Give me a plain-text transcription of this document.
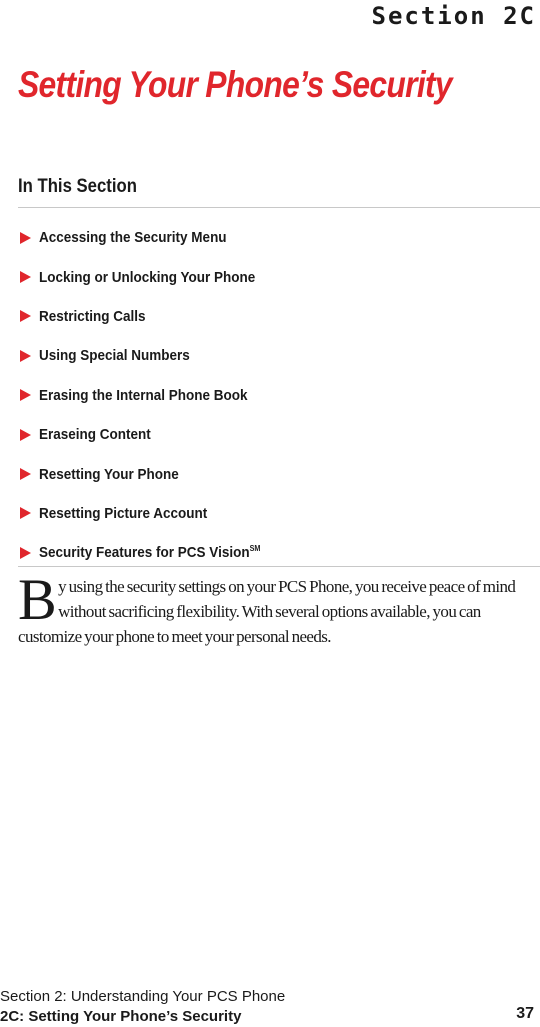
Section 2C
Setting Your Phone’s Security
In This Section
Accessing the Security Menu
Locking or Unlocking Your Phone
Restricting Calls
Using Special Numbers
Erasing the Internal Phone Book
Eraseing Content
Resetting Your Phone
Resetting Picture Account
Security Features for PCS Vision℠
By using the security settings on your PCS Phone, you receive peace of mind without sacrificing flexibility. With several options available, you can customize your phone to meet your personal needs.
Section 2: Understanding Your PCS Phone
2C: Setting Your Phone’s Security	37
